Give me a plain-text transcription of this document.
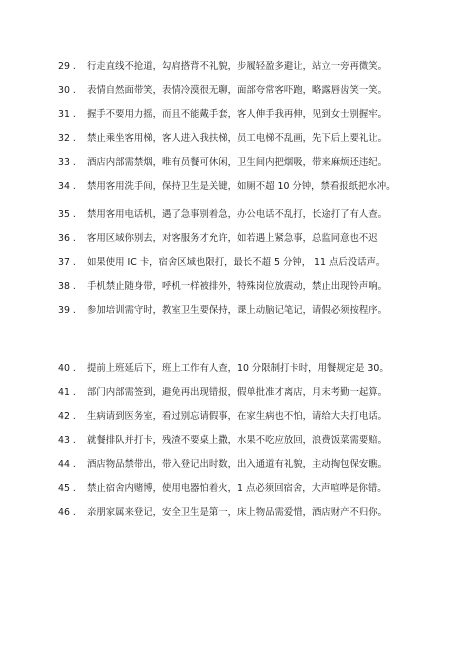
29 . 行走直线不抢道，勾肩搭背不礼貌，步履轻盈多避让，站立一旁再微笑。
30 . 表情自然面带笑，表情冷漠很无聊，面部夸常客吓跑，略露唇齿笑一笑。
31 . 握手不要用力摇，而且不能戴手套，客人伸手我再伸，见到女士别握牢。
32 . 禁止乘坐客用梯，客人进入我扶梯，员工电梯不乱画，先下后上要礼让。
33 . 酒店内部需禁烟，唯有员餐可休闲，卫生间内把烟吸，带来麻烦还违纪。
34 . 禁用客用洗手间，保持卫生是关键，如厕不超 10 分钟，禁看报纸把水冲。
35 . 禁用客用电话机，遇了急事别着急，办公电话不乱打，长途打了有人查。
36 . 客用区域你别去，对客服务才允许，如若遇上紧急事，总监同意也不迟
37 . 如果使用 IC 卡，宿舍区域也限打，最长不超 5 分钟， 11 点后没话声。
38 . 手机禁止随身带，呼机一样被排外，特殊岗位放震动，禁止出现铃声响。
39 . 参加培训需守时，教室卫生要保持，课上动脑记笔记，请假必须按程序。
40 . 提前上班延后下，班上工作有人查，10 分限制打卡时，用餐规定是 30。
41 . 部门内部需签到，避免再出现错报，假单批准才离店，月末考勤一起算。
42 . 生病请到医务室，看过别忘请假事，在家生病也不怕，请给大夫打电话。
43 . 就餐排队并打卡，残渣不要桌上撒，水果不吃应放回，浪费饭菜需要赔。
44 . 酒店物品禁带出，带入登记出时数，出入通道有礼貌，主动掏包保安瞧。
45 . 禁止宿舍内赌博，使用电器怕着火，1 点必须回宿舍，大声喧哗是你错。
46 . 亲朋家属来登记，安全卫生是第一，床上物品需爱惜，酒店财产不归你。
